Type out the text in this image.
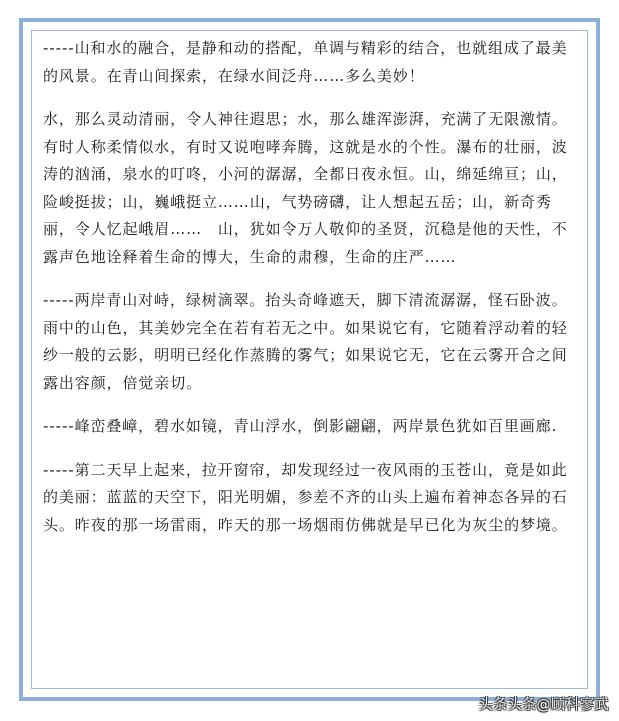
-----山和水的融合，是静和动的搭配，单调与精彩的结合，也就组成了最美的风景。在青山间探索，在绿水间泛舟……多么美妙！

水，那么灵动清丽，令人神往遐思；水，那么雄浑澎湃，充满了无限激情。有时人称柔情似水，有时又说咆哮奔腾，这就是水的个性。瀑布的壮丽，波涛的汹涌，泉水的叮咚，小河的潺潺，全都日夜永恒。山，绵延绵亘；山，险峻挺拔；山，巍峨挺立……山，气势磅礴，让人想起五岳；山，新奇秀丽，令人忆起峨眉……　山，犹如令万人敬仰的圣贤，沉稳是他的天性，不露声色地诠释着生命的博大，生命的肃穆，生命的庄严……

-----两岸青山对峙，绿树滴翠。抬头奇峰遮天，脚下清流潺潺，怪石卧波。　雨中的山色，其美妙完全在若有若无之中。如果说它有，它随着浮动着的轻纱一般的云影，明明已经化作蒸腾的雾气；如果说它无，它在云雾开合之间露出容颜，倍觉亲切。

-----峰峦叠嶂，碧水如镜，青山浮水，倒影翩翩，两岸景色犹如百里画廊.

-----第二天早上起来，拉开窗帘，却发现经过一夜风雨的玉苍山，竟是如此的美丽：蓝蓝的天空下，阳光明媚，参差不齐的山头上遍布着神态各异的石头。昨夜的那一场雷雨，昨天的那一场烟雨仿佛就是早已化为灰尘的梦境。

头条头条@顾科寥武
